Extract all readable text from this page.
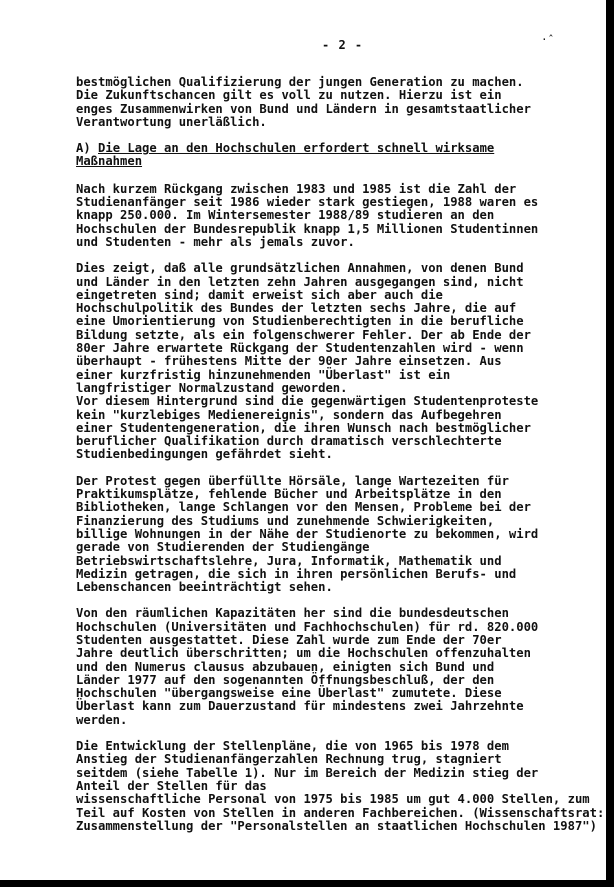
- 2 -	·̂
bestmöglichen Qualifizierung der jungen Generation zu machen.
Die Zukunftschancen gilt es voll zu nutzen. Hierzu ist ein
enges Zusammenwirken von Bund und Ländern in gesamtstaatlicher
Verantwortung unerläßlich.
A) Die Lage an den Hochschulen erfordert schnell wirksame
Maßnahmen
Nach kurzem Rückgang zwischen 1983 und 1985 ist die Zahl der
Studienanfänger seit 1986 wieder stark gestiegen, 1988 waren es
knapp 250.000. Im Wintersemester 1988/89 studieren an den
Hochschulen der Bundesrepublik knapp 1,5 Millionen Studentinnen
und Studenten - mehr als jemals zuvor.
Dies zeigt, daß alle grundsätzlichen Annahmen, von denen Bund
und Länder in den letzten zehn Jahren ausgegangen sind, nicht
eingetreten sind; damit erweist sich aber auch die
Hochschulpolitik des Bundes der letzten sechs Jahre, die auf
eine Umorientierung von Studienberechtigten in die berufliche
Bildung setzte, als ein folgenschwerer Fehler. Der ab Ende der
80er Jahre erwartete Rückgang der Studentenzahlen wird - wenn
überhaupt - frühestens Mitte der 90er Jahre einsetzen. Aus
einer kurzfristig hinzunehmenden "Überlast" ist ein
langfristiger Normalzustand geworden.
Vor diesem Hintergrund sind die gegenwärtigen Studentenproteste
kein "kurzlebiges Medienereignis", sondern das Aufbegehren
einer Studentengeneration, die ihren Wunsch nach bestmöglicher
beruflicher Qualifikation durch dramatisch verschlechterte
Studienbedingungen gefährdet sieht.
Der Protest gegen überfüllte Hörsäle, lange Wartezeiten für
Praktikumsplätze, fehlende Bücher und Arbeitsplätze in den
Bibliotheken, lange Schlangen vor den Mensen, Probleme bei der
Finanzierung des Studiums und zunehmende Schwierigkeiten,
billige Wohnungen in der Nähe der Studienorte zu bekommen, wird
gerade von Studierenden der Studiengänge
Betriebswirtschaftslehre, Jura, Informatik, Mathematik und
Medizin getragen, die sich in ihren persönlichen Berufs- und
Lebenschancen beeinträchtigt sehen.
Von den räumlichen Kapazitäten her sind die bundesdeutschen
Hochschulen (Universitäten und Fachhochschulen) für rd. 820.000
Studenten ausgestattet. Diese Zahl wurde zum Ende der 70er
Jahre deutlich überschritten; um die Hochschulen offenzuhalten
und den Numerus clausus abzubauen, einigten sich Bund und
Länder 1977 auf den sogenannten Öffnungsbeschluß, der den
Hochschulen "übergangsweise eine Überlast" zumutete. Diese
Überlast kann zum Dauerzustand für mindestens zwei Jahrzehnte
werden.
Die Entwicklung der Stellenpläne, die von 1965 bis 1978 dem
Anstieg der Studienanfängerzahlen Rechnung trug, stagniert
seitdem (siehe Tabelle 1). Nur im Bereich der Medizin stieg der
Anteil der Stellen für das
wissenschaftliche Personal von 1975 bis 1985 um gut 4.000 Stellen, zum
Teil auf Kosten von Stellen in anderen Fachbereichen. (Wissenschaftsrat:
Zusammenstellung der "Personalstellen an staatlichen Hochschulen 1987")
